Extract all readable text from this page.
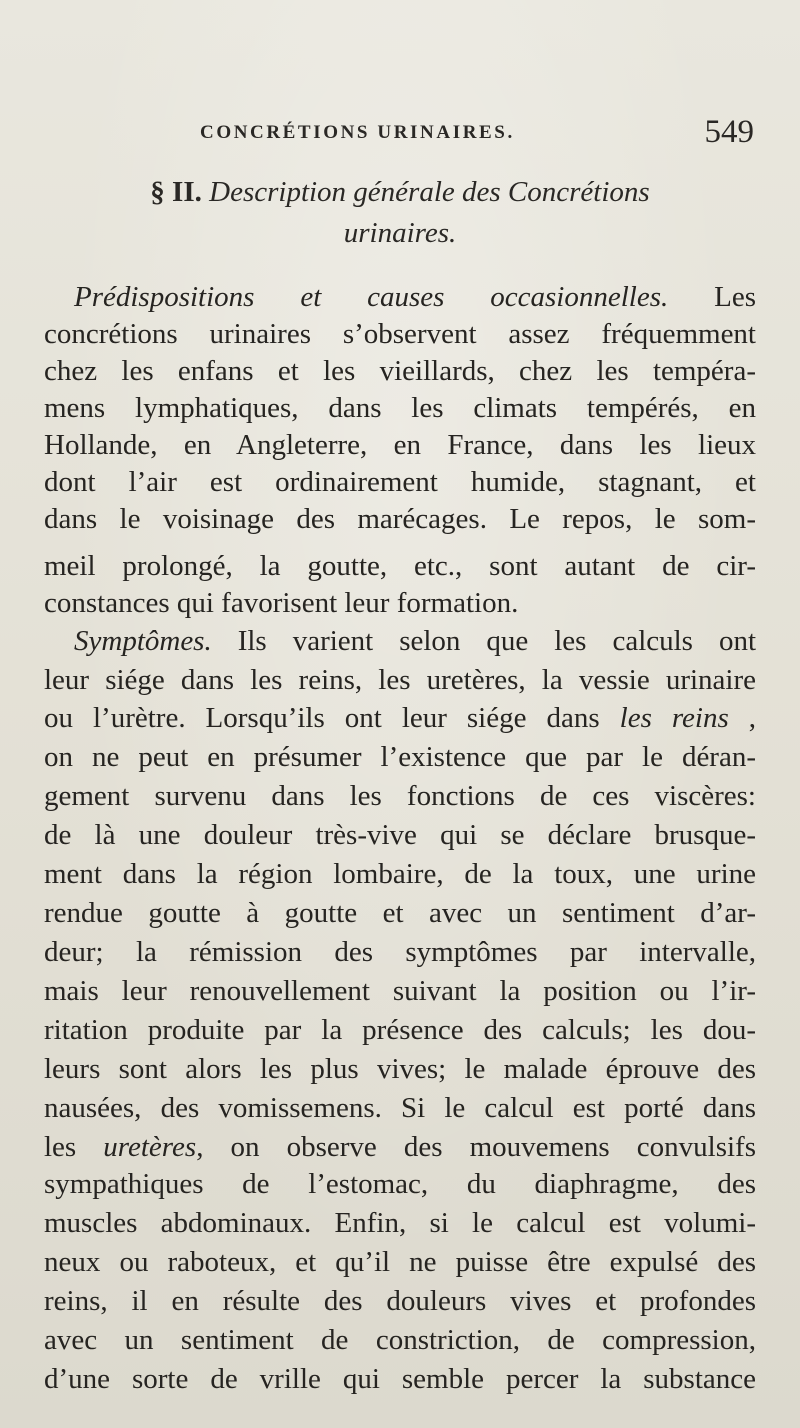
CONCRÉTIONS URINAIRES.	549
§ II. Description générale des Concrétions
urinaires.
Prédispositions et causes occasionnelles. Les
concrétions urinaires s’observent assez fréquemment
chez les enfans et les vieillards, chez les tempéra-
mens lymphatiques, dans les climats tempérés, en
Hollande, en Angleterre, en France, dans les lieux
dont l’air est ordinairement humide, stagnant, et
dans le voisinage des marécages. Le repos, le som-
meil prolongé, la goutte, etc., sont autant de cir-
constances qui favorisent leur formation.
Symptômes. Ils varient selon que les calculs ont
leur siége dans les reins, les uretères, la vessie urinaire
ou l’urètre. Lorsqu’ils ont leur siége dans les reins ,
on ne peut en présumer l’existence que par le déran-
gement survenu dans les fonctions de ces viscères:
de là une douleur très-vive qui se déclare brusque-
ment dans la région lombaire, de la toux, une urine
rendue goutte à goutte et avec un sentiment d’ar-
deur; la rémission des symptômes par intervalle,
mais leur renouvellement suivant la position ou l’ir-
ritation produite par la présence des calculs; les dou-
leurs sont alors les plus vives; le malade éprouve des
nausées, des vomissemens. Si le calcul est porté dans
les uretères, on observe des mouvemens convulsifs
sympathiques de l’estomac, du diaphragme, des
muscles abdominaux. Enfin, si le calcul est volumi-
neux ou raboteux, et qu’il ne puisse être expulsé des
reins, il en résulte des douleurs vives et profondes
avec un sentiment de constriction, de compression,
d’une sorte de vrille qui semble percer la substance
